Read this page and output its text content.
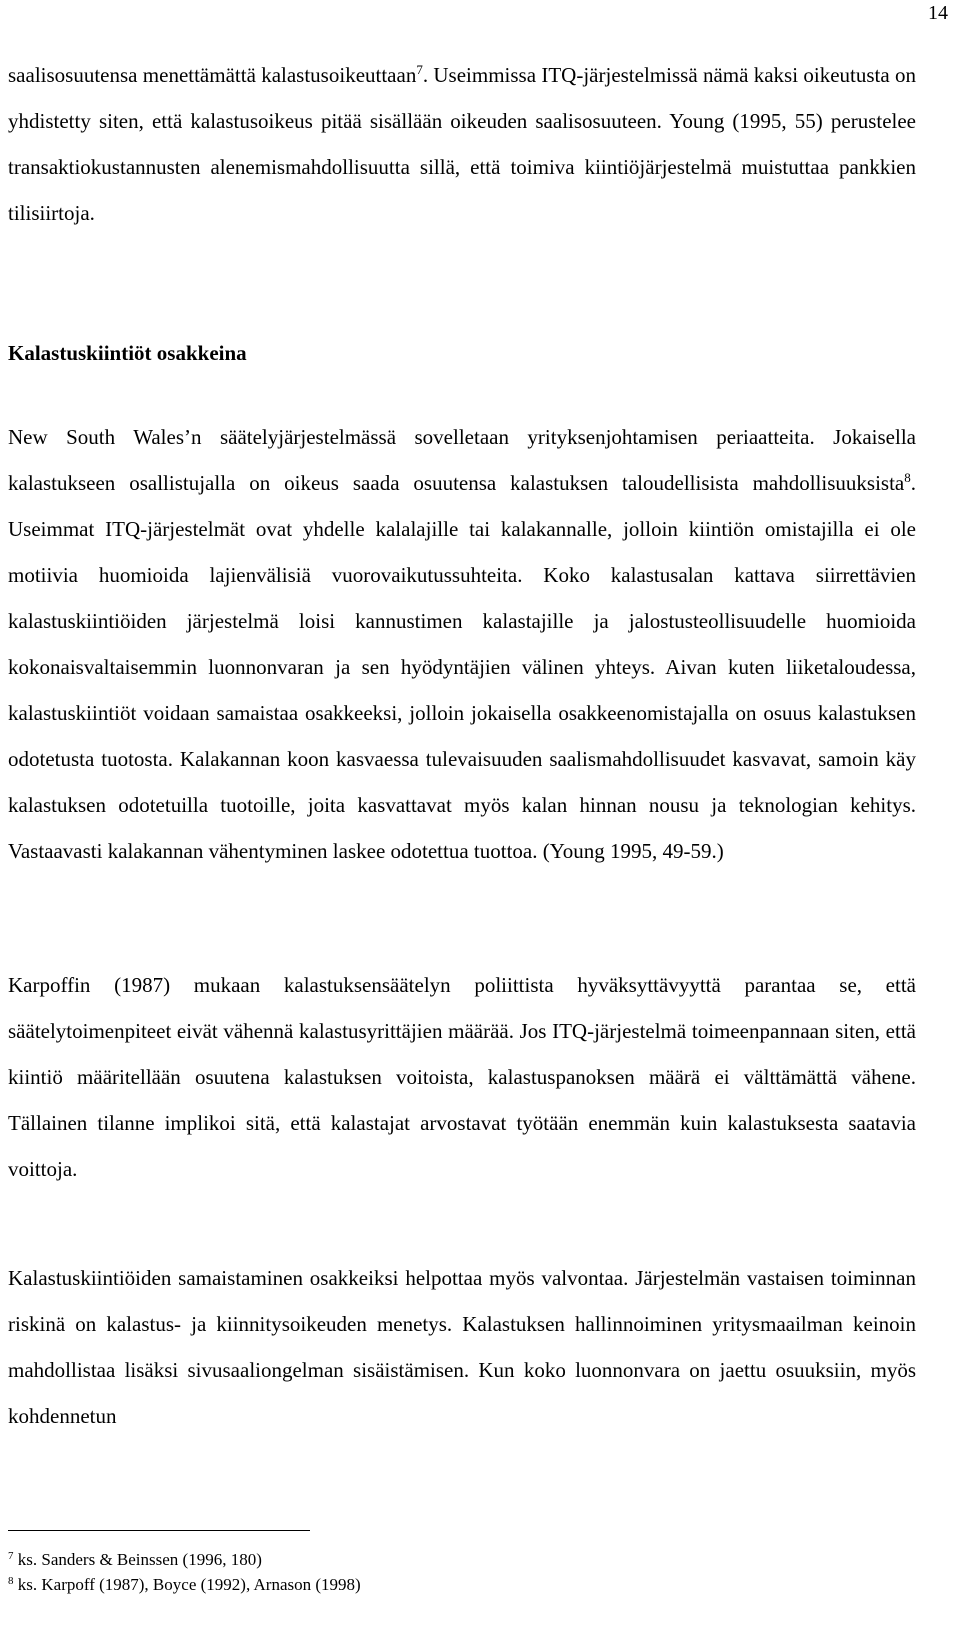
14

saalisosuutensa menettämättä kalastusoikeuttaan$^7$. Useimmissa ITQ-järjestelmissä nämä kaksi oikeutusta on yhdistetty siten, että kalastusoikeus pitää sisällään oikeuden saalisosuuteen. Young (1995, 55) perustelee transaktiokustannusten alenemismahdollisuutta sillä, että toimiva kiintiöjärjestelmä muistuttaa pankkien tilisiirtoja.

Kalastuskiintiöt osakkeina

New South Wales’n säätelyjärjestelmässä sovelletaan yrityksenjohtamisen periaatteita. Jokaisella kalastukseen osallistujalla on oikeus saada osuutensa kalastuksen taloudellisista mahdollisuuksista$^8$. Useimmat ITQ-järjestelmät ovat yhdelle kalalajille tai kalakannalle, jolloin kiintiön omistajilla ei ole motiivia huomioida lajienvälisiä vuorovaikutussuhteita. Koko kalastusalan kattava siirrettävien kalastuskiintiöiden järjestelmä loisi kannustimen kalastajille ja jalostusteollisuudelle huomioida kokonaisvaltaisemmin luonnonvaran ja sen hyödyntäjien välinen yhteys. Aivan kuten liiketaloudessa, kalastuskiintiöt voidaan samaistaa osakkeeksi, jolloin jokaisella osakkeenomistajalla on osuus kalastuksen odotetusta tuotosta. Kalakannan koon kasvaessa tulevaisuuden saalismahdollisuudet kasvavat, samoin käy kalastuksen odotetuilla tuotoille, joita kasvattavat myös kalan hinnan nousu ja teknologian kehitys. Vastaavasti kalakannan vähentyminen laskee odotettua tuottoa. (Young 1995, 49-59.)

Karpoffin (1987) mukaan kalastuksensäätelyn poliittista hyväksyttävyyttä parantaa se, että säätelytoimenpiteet eivät vähennä kalastusyrittäjien määrää. Jos ITQ-järjestelmä toimeenpannaan siten, että kiintiö määritellään osuutena kalastuksen voitoista, kalastuspanoksen määrä ei välttämättä vähene. Tällainen tilanne implikoi sitä, että kalastajat arvostavat työtään enemmän kuin kalastuksesta saatavia voittoja.

Kalastuskiintiöiden samaistaminen osakkeiksi helpottaa myös valvontaa. Järjestelmän vastaisen toiminnan riskinä on kalastus- ja kiinnitysoikeuden menetys. Kalastuksen hallinnoiminen yritysmaailman keinoin mahdollistaa lisäksi sivusaaliongelman sisäistämisen. Kun koko luonnonvara on jaettu osuuksiin, myös kohdennetun

$^7$ ks. Sanders & Beinssen (1996, 180)

$^8$ ks. Karpoff (1987), Boyce (1992), Arnason (1998)
